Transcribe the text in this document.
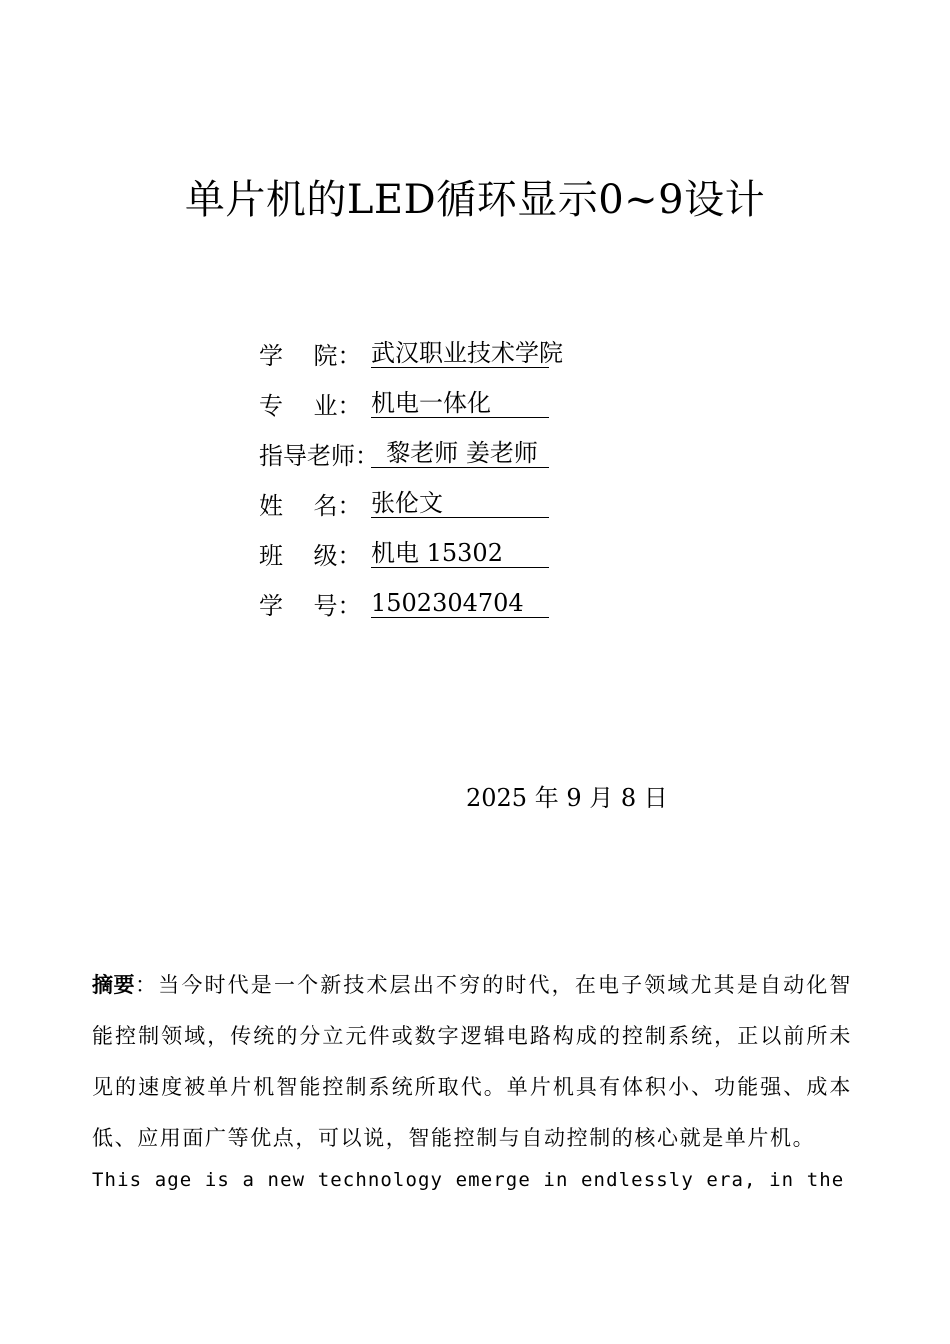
单片机的LED循环显示0~9设计
学    院： 武汉职业技术学院
专    业： 机电一体化
指导老师：
黎老师 姜老师
姓    名： 张伦文
班    级： 机电 15302
学    号： 1502304704
2025 年 9 月 8 日
摘要：当今时代是一个新技术层出不穷的时代，在电子领域尤其是自动化智能控制领域，传统的分立元件或数字逻辑电路构成的控制系统，正以前所未见的速度被单片机智能控制系统所取代。单片机具有体积小、功能强、成本低、应用面广等优点，可以说，智能控制与自动控制的核心就是单片机。
This age is a new technology emerge in endlessly era, in the
